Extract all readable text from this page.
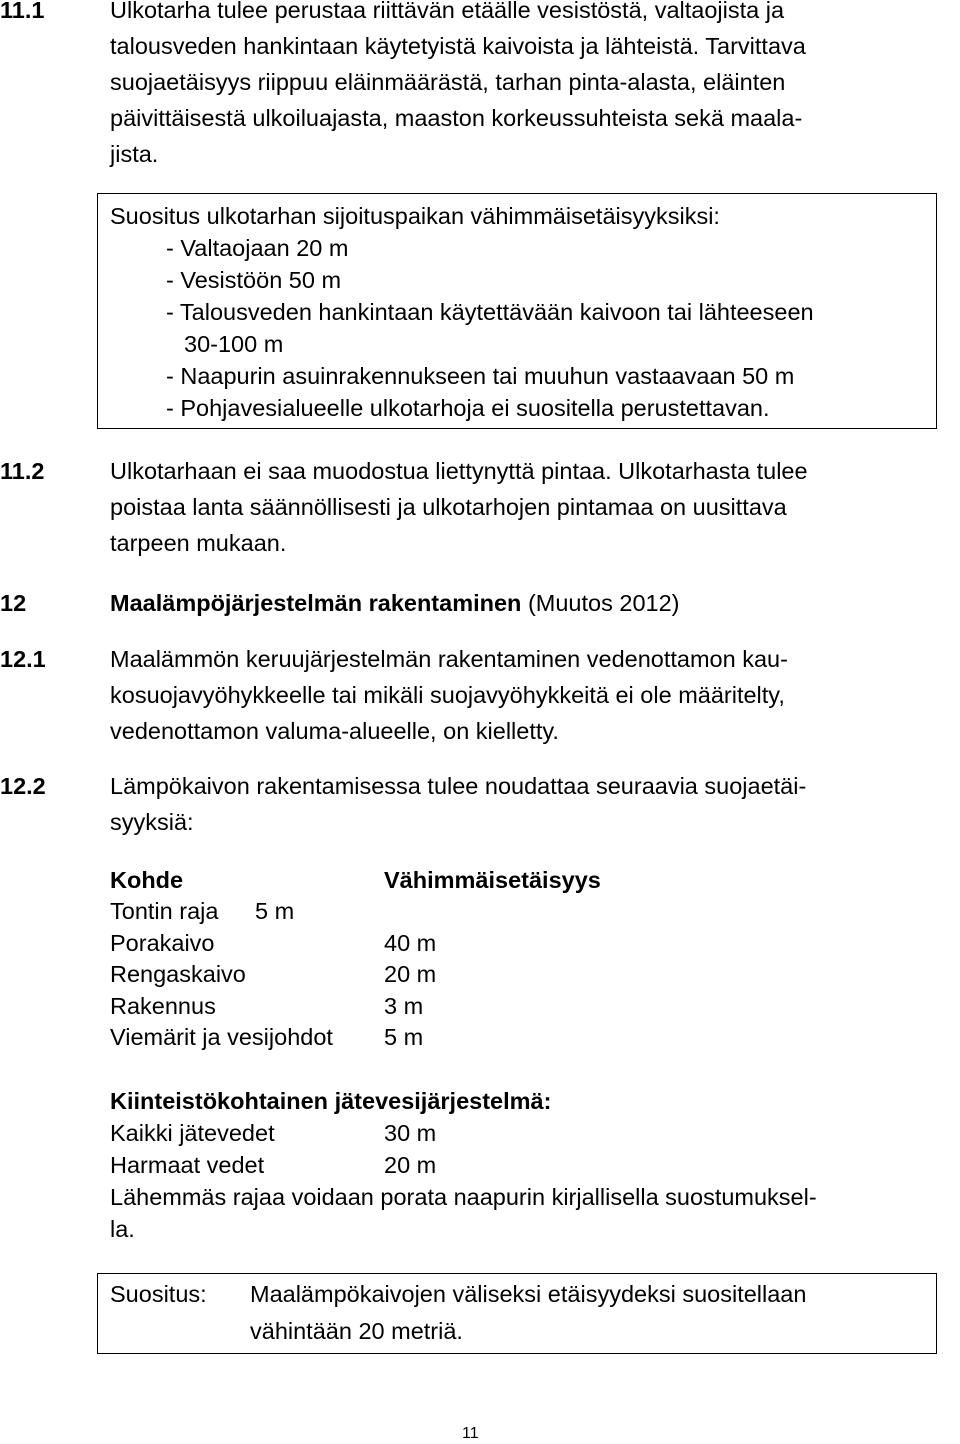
11.1	Ulkotarha tulee perustaa riittävän etäälle vesistöstä, valtaojista ja
talousveden hankintaan käytetyistä kaivoista ja lähteistä. Tarvittava
suojaetäisyys riippuu eläinmäärästä, tarhan pinta-alasta, eläinten
päivittäisestä ulkoiluajasta, maaston korkeussuhteista sekä maala-
jista.
Suositus ulkotarhan sijoituspaikan vähimmäisetäisyyksiksi:
- Valtaojaan 20 m
- Vesistöön 50 m
- Talousveden hankintaan käytettävään kaivoon tai lähteeseen
30-100 m
- Naapurin asuinrakennukseen tai muuhun vastaavaan 50 m
- Pohjavesialueelle ulkotarhoja ei suositella perustettavan.
11.2	Ulkotarhaan ei saa muodostua liettynyttä pintaa. Ulkotarhasta tulee
poistaa lanta säännöllisesti ja ulkotarhojen pintamaa on uusittava
tarpeen mukaan.
12	Maalämpöjärjestelmän rakentaminen (Muutos 2012)
12.1	Maalämmön keruujärjestelmän rakentaminen vedenottamon kau-
kosuojavyöhykkeelle tai mikäli suojavyöhykkeitä ei ole määritelty,
vedenottamon valuma-alueelle, on kielletty.
12.2	Lämpökaivon rakentamisessa tulee noudattaa seuraavia suojaetäi-
syyksiä:
Kohde	Vähimmäisetäisyys
Tontin raja 5 m
Porakaivo	40 m
Rengaskaivo	20 m
Rakennus	3 m
Viemärit ja vesijohdot 5 m
Kiinteistökohtainen jätevesijärjestelmä:
Kaikki jätevedet	30 m
Harmaat vedet	20 m
Lähemmäs rajaa voidaan porata naapurin kirjallisella suostumuksel-
la.
Suositus: Maalämpökaivojen väliseksi etäisyydeksi suositellaan
vähintään 20 metriä.
11
